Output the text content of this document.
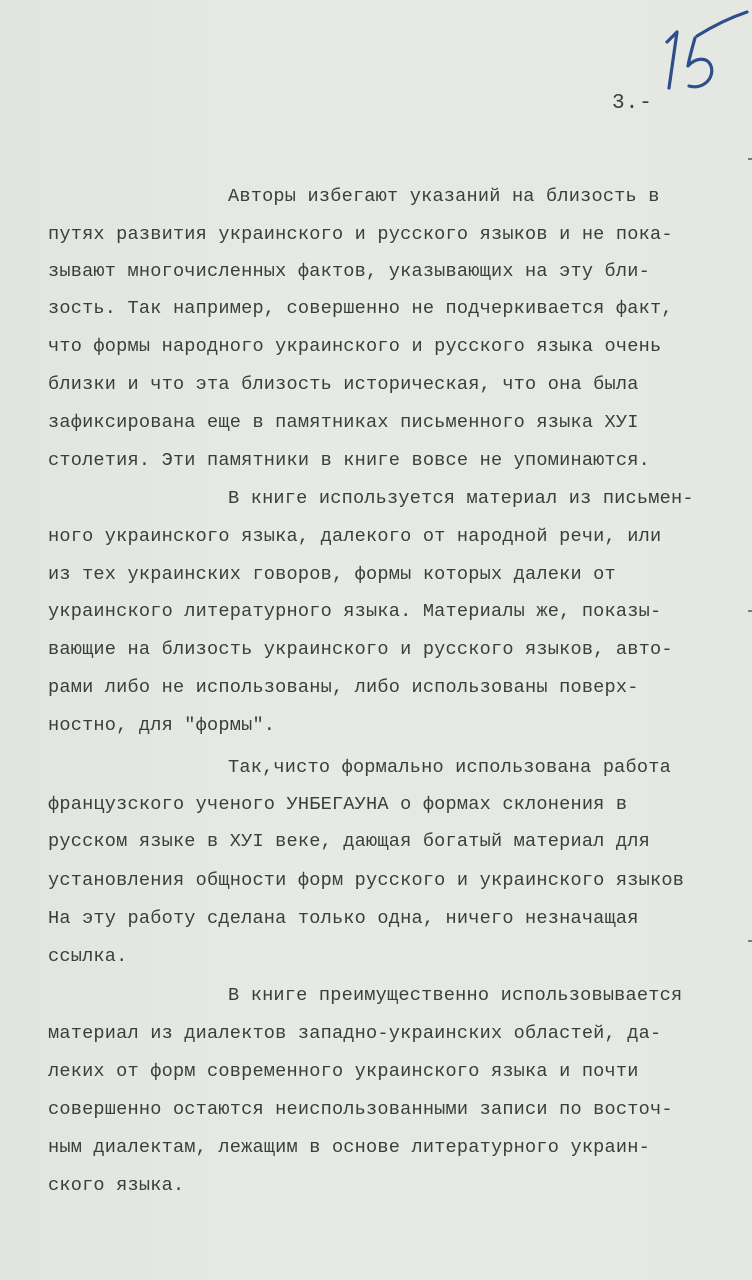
3.-
Авторы избегают указаний на близость в
путях развития украинского и русского языков и не пока-
зывают многочисленных фактов, указывающих на эту бли-
зость. Так например, совершенно не подчеркивается факт,
что формы народного украинского и русского языка очень
близки и что эта близость историческая, что она была
зафиксирована еще в памятниках письменного языка ХУI
столетия. Эти памятники в книге вовсе не упоминаются.
В книге используется материал из письмен-
ного украинского языка, далекого от народной речи, или
из тех украинских говоров, формы которых далеки от
украинского литературного языка. Материалы же, показы-
вающие на близость украинского и русского языков, авто-
рами либо не использованы, либо использованы поверх-
ностно, для "формы".
Так,чисто формально использована работа
французского ученого УНБЕГАУНА о формах склонения в
русском языке в ХУI веке, дающая богатый материал для
установления общности форм русского и украинского языков
На эту работу сделана только одна, ничего незначащая
ссылка.
В книге преимущественно использовывается
материал из диалектов западно-украинских областей, да-
леких от форм современного украинского языка и почти
совершенно остаются неиспользованными записи по восточ-
ным диалектам, лежащим в основе литературного украин-
ского языка.
